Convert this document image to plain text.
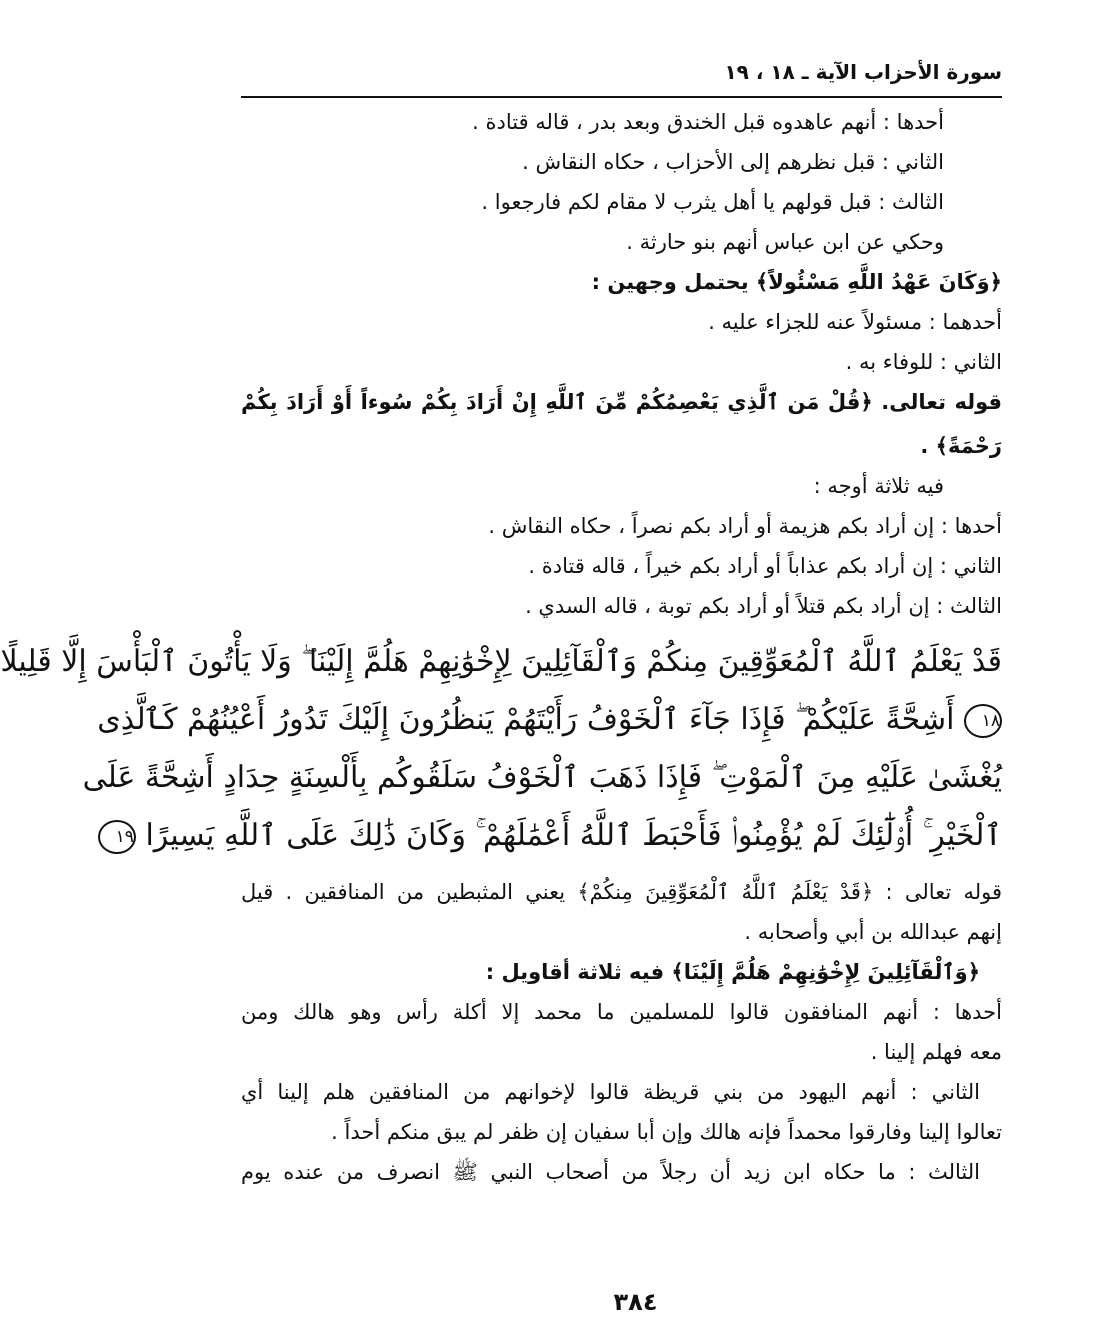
سورة الأحزاب الآية ـ ١٨ ، ١٩
أحدها : أنهم عاهدوه قبل الخندق وبعد بدر ، قاله قتادة .
الثاني : قبل نظرهم إلى الأحزاب ، حكاه النقاش .
الثالث : قبل قولهم يا أهل يثرب لا مقام لكم فارجعوا .
وحكي عن ابن عباس أنهم بنو حارثة .
﴿وَكَانَ عَهْدُ اللَّهِ مَسْئُولاً﴾ يحتمل وجهين :
أحدهما : مسئولاً عنه للجزاء عليه .
الثاني : للوفاء به .
قوله تعالى. ﴿قُلْ مَن ٱلَّذِي يَعْصِمُكُمْ مِّنَ ٱللَّهِ إِنْ أَرَادَ بِكُمْ سُوءاً أَوْ أَرَادَ بِكُمْ
رَحْمَةً﴾ .
فيه ثلاثة أوجه :
أحدها : إن أراد بكم هزيمة أو أراد بكم نصراً ، حكاه النقاش .
الثاني : إن أراد بكم عذاباً أو أراد بكم خيراً ، قاله قتادة .
الثالث : إن أراد بكم قتلاً أو أراد بكم توبة ، قاله السدي .
قَدْ يَعْلَمُ ٱللَّهُ ٱلْمُعَوِّقِينَ مِنكُمْ وَٱلْقَآئِلِينَ لِإِخْوَٰنِهِمْ هَلُمَّ إِلَيْنَا ۖ وَلَا يَأْتُونَ ٱلْبَأْسَ إِلَّا قَلِيلًا
١٨ أَشِحَّةً عَلَيْكُمْ ۖ فَإِذَا جَآءَ ٱلْخَوْفُ رَأَيْتَهُمْ يَنظُرُونَ إِلَيْكَ تَدُورُ أَعْيُنُهُمْ كَٱلَّذِى
يُغْشَىٰ عَلَيْهِ مِنَ ٱلْمَوْتِ ۖ فَإِذَا ذَهَبَ ٱلْخَوْفُ سَلَقُوكُم بِأَلْسِنَةٍ حِدَادٍ أَشِحَّةً عَلَى
ٱلْخَيْرِ ۚ أُو۟لَٰٓئِكَ لَمْ يُؤْمِنُوا۟ فَأَحْبَطَ ٱللَّهُ أَعْمَٰلَهُمْ ۚ وَكَانَ ذَٰلِكَ عَلَى ٱللَّهِ يَسِيرًا ١٩
قوله تعالى : ﴿قَدْ يَعْلَمُ ٱللَّهُ ٱلْمُعَوِّقِينَ مِنكُمْ﴾ يعني المثبطين من المنافقين . قيل
إنهم عبدالله بن أبي وأصحابه .
﴿وَٱلْقَآئِلِينَ لِإِخْوَٰنِهِمْ هَلُمَّ إِلَيْنَا﴾ فيه ثلاثة أقاويل :
أحدها : أنهم المنافقون قالوا للمسلمين ما محمد إلا أكلة رأس وهو هالك ومن
معه فهلم إلينا .
الثاني : أنهم اليهود من بني قريظة قالوا لإخوانهم من المنافقين هلم إلينا أي
تعالوا إلينا وفارقوا محمداً فإنه هالك وإن أبا سفيان إن ظفر لم يبق منكم أحداً .
الثالث : ما حكاه ابن زيد أن رجلاً من أصحاب النبي ﷺ انصرف من عنده يوم
٣٨٤
